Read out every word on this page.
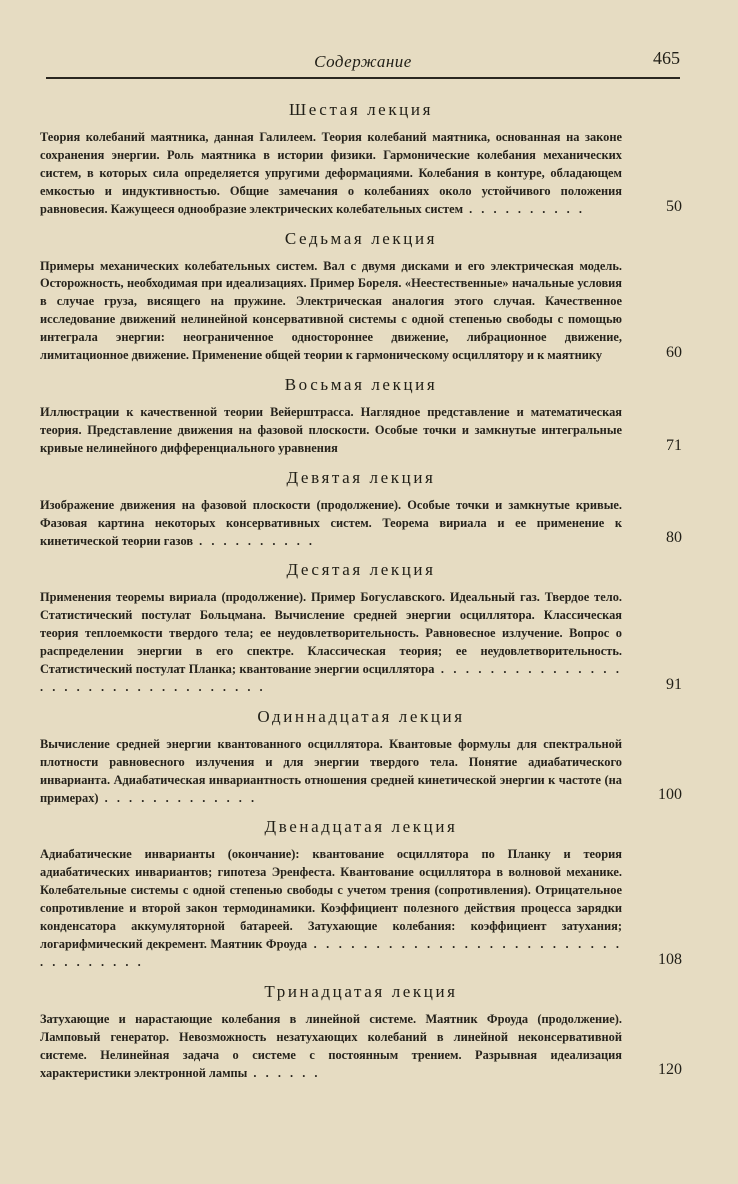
Содержание	465
Шестая лекция
Теория колебаний маятника, данная Галилеем. Теория колебаний маятника, основанная на законе сохранения энергии. Роль маятника в истории физики. Гармонические колебания механических систем, в которых сила определяется упругими деформациями. Колебания в контуре, обладающем емкостью и индуктивностью. Общие замечания о колебаниях около устойчивого положения равновесия. Кажущееся однообразие электрических колебательных систем . . . . . . . . . .	50
Седьмая лекция
Примеры механических колебательных систем. Вал с двумя дисками и его электрическая модель. Осторожность, необходимая при идеализациях. Пример Бореля. «Неестественные» начальные условия в случае груза, висящего на пружине. Электрическая аналогия этого случая. Качественное исследование движений нелинейной консервативной системы с одной степенью свободы с помощью интеграла энергии: неограниченное одностороннее движение, либрационное движение, лимитационное движение. Применение общей теории к гармоническому осциллятору и к маятнику	60
Восьмая лекция
Иллюстрации к качественной теории Вейерштрасса. Наглядное представление и математическая теория. Представление движения на фазовой плоскости. Особые точки и замкнутые интегральные кривые нелинейного дифференциального уравнения	71
Девятая лекция
Изображение движения на фазовой плоскости (продолжение). Особые точки и замкнутые кривые. Фазовая картина некоторых консервативных систем. Теорема вириала и ее применение к кинетической теории газов . . . . . . . . . .	80
Десятая лекция
Применения теоремы вириала (продолжение). Пример Богуславского. Идеальный газ. Твердое тело. Статистический постулат Больцмана. Вычисление средней энергии осциллятора. Классическая теория теплоемкости твердого тела; ее неудовлетворительность. Равновесное излучение. Вопрос о распределении энергии в его спектре. Классическая теория; ее неудовлетворительность. Статистический постулат Планка; квантование энергии осциллятора . . . . . . . . . . . . . . . . . . . . . . . . . . . . . . . . . .	91
Одиннадцатая лекция
Вычисление средней энергии квантованного осциллятора. Квантовые формулы для спектральной плотности равновесного излучения и для энергии твердого тела. Понятие адиабатического инварианта. Адиабатическая инвариантность отношения средней кинетической энергии к частоте (на примерах) . . . . . . . . . . . . .	100
Двенадцатая лекция
Адиабатические инварианты (окончание): квантование осциллятора по Планку и теория адиабатических инвариантов; гипотеза Эренфеста. Квантование осциллятора в волновой механике. Колебательные системы с одной степенью свободы с учетом трения (сопротивления). Отрицательное сопротивление и второй закон термодинамики. Коэффициент полезного действия процесса зарядки конденсатора аккумуляторной батареей. Затухающие колебания: коэффициент затухания; логарифмический декремент. Маятник Фроуда . . . . . . . . . . . . . . . . . . . . . . . . . . . . . . . . . .	108
Тринадцатая лекция
Затухающие и нарастающие колебания в линейной системе. Маятник Фроуда (продолжение). Ламповый генератор. Невозможность незатухающих колебаний в линейной неконсервативной системе. Нелинейная задача о системе с постоянным трением. Разрывная идеализация характеристики электронной лампы . . . . . .	120
